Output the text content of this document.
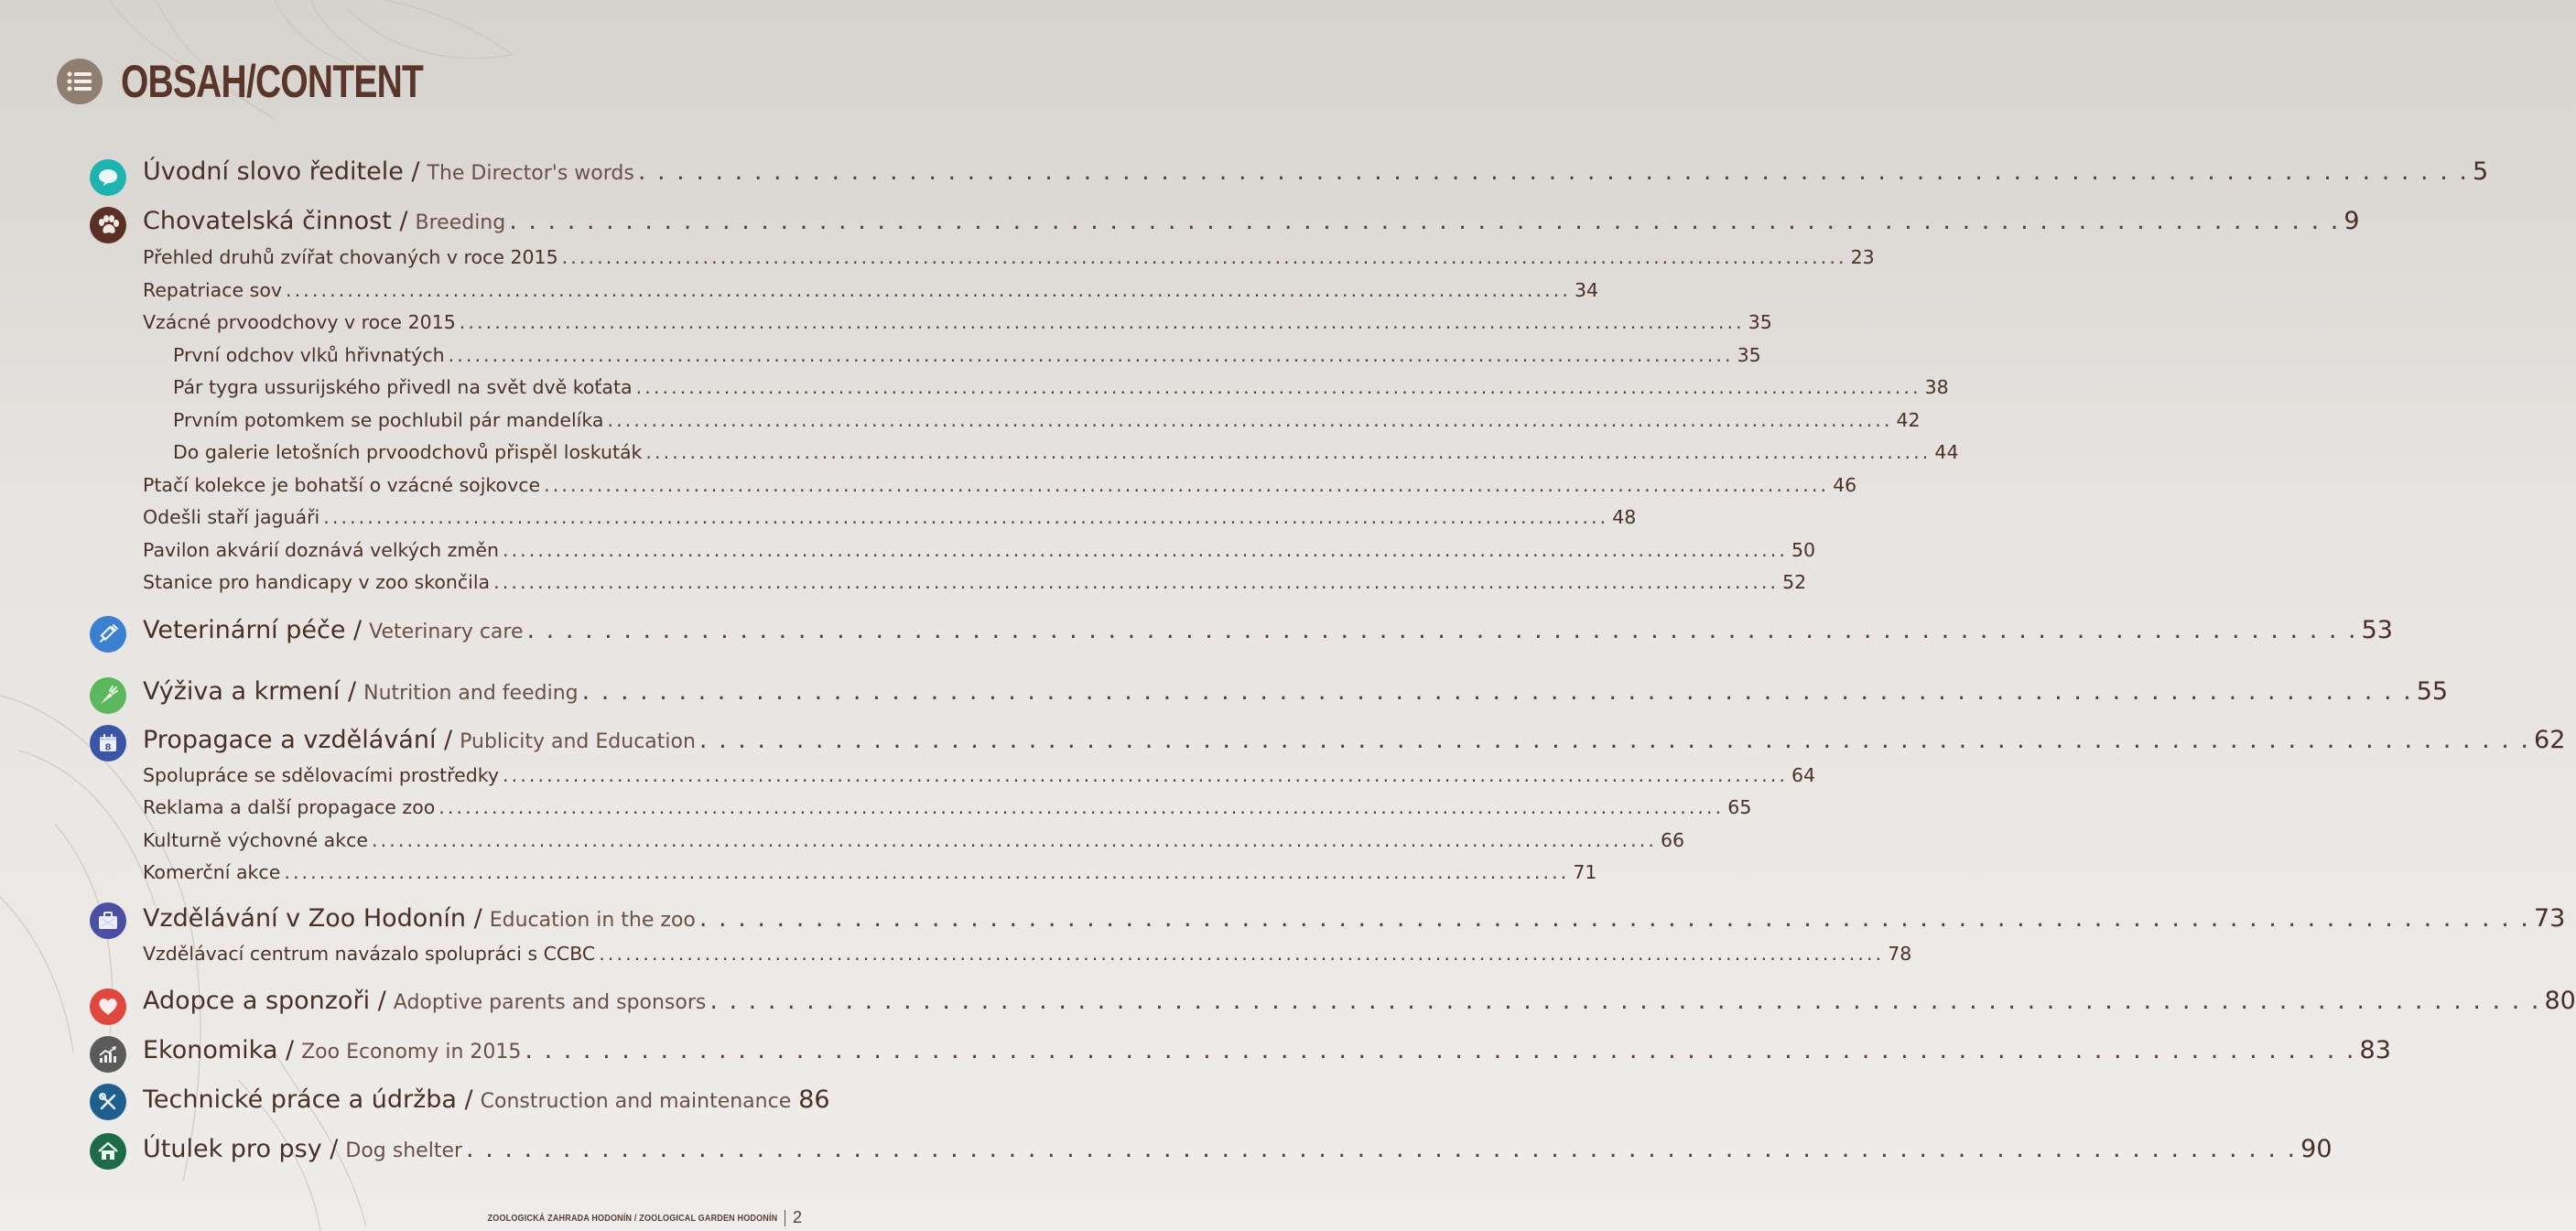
OBSAH/CONTENT
Úvodní slovo ředitele / The Director's words . . .	5
Chovatelská činnost / Breeding . . .	9
Přehled druhů zvířat chovaných v roce 2015 .....	23
Repatriace sov .....	34
Vzácné prvoodchovy v roce 2015 .....	35
První odchov vlků hřivnatých .....	35
Pár tygra ussurijského přivedl na svět dvě koťata .....	38
Prvním potomkem se pochlubil pár mandelíka .....	42
Do galerie letošních prvoodchovů přispěl loskuták .....	44
Ptačí kolekce je bohatší o vzácné sojkovce .....	46
Odešli staří jaguáři .....	48
Pavilon akvárií doznává velkých změn .....	50
Stanice pro handicapy v zoo skončila .....	52
Veterinární péče / Veterinary care . . .	53
Výživa a krmení / Nutrition and feeding . . .	55
8 Propagace a vzdělávání / Publicity and Education . . .	62
Spolupráce se sdělovacími prostředky .....	64
Reklama a další propagace zoo .....	65
Kulturně výchovné akce .....	66
Komerční akce .....	71
Vzdělávání v Zoo Hodonín / Education in the zoo . . .	73
Vzdělávací centrum navázalo spolupráci s CCBC .....	78
Adopce a sponzoři / Adoptive parents and sponsors . . .	80
Ekonomika / Zoo Economy in 2015 . . .	83
Technické práce a údržba / Construction and maintenance 86
Útulek pro psy / Dog shelter . . .	90
ZOOLOGICKÁ ZAHRADA HODONÍN / ZOOLOGICAL GARDEN HODONÍN 2
